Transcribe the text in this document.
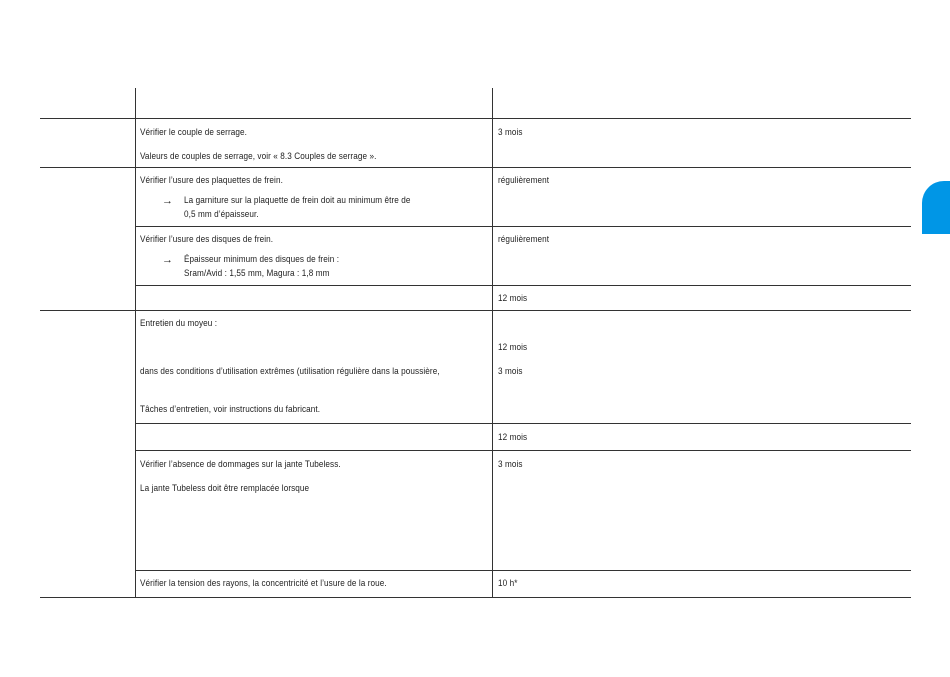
Vérifier le couple de serrage.
Valeurs de couples de serrage, voir « 8.3 Couples de serrage ».
3 mois
Vérifier l’usure des plaquettes de frein.
→ La garniture sur la plaquette de frein doit au minimum être de
0,5 mm d’épaisseur.
régulièrement
Vérifier l’usure des disques de frein.
→ Épaisseur minimum des disques de frein :
Sram/Avid : 1,55 mm, Magura : 1,8 mm
régulièrement
12 mois
Entretien du moyeu :
12 mois
dans des conditions d’utilisation extrêmes (utilisation régulière dans la poussière,	3 mois
Tâches d’entretien, voir instructions du fabricant.
12 mois
Vérifier l’absence de dommages sur la jante Tubeless.
La jante Tubeless doit être remplacée lorsque
3 mois
Vérifier la tension des rayons, la concentricité et l’usure de la roue.	10 h*
